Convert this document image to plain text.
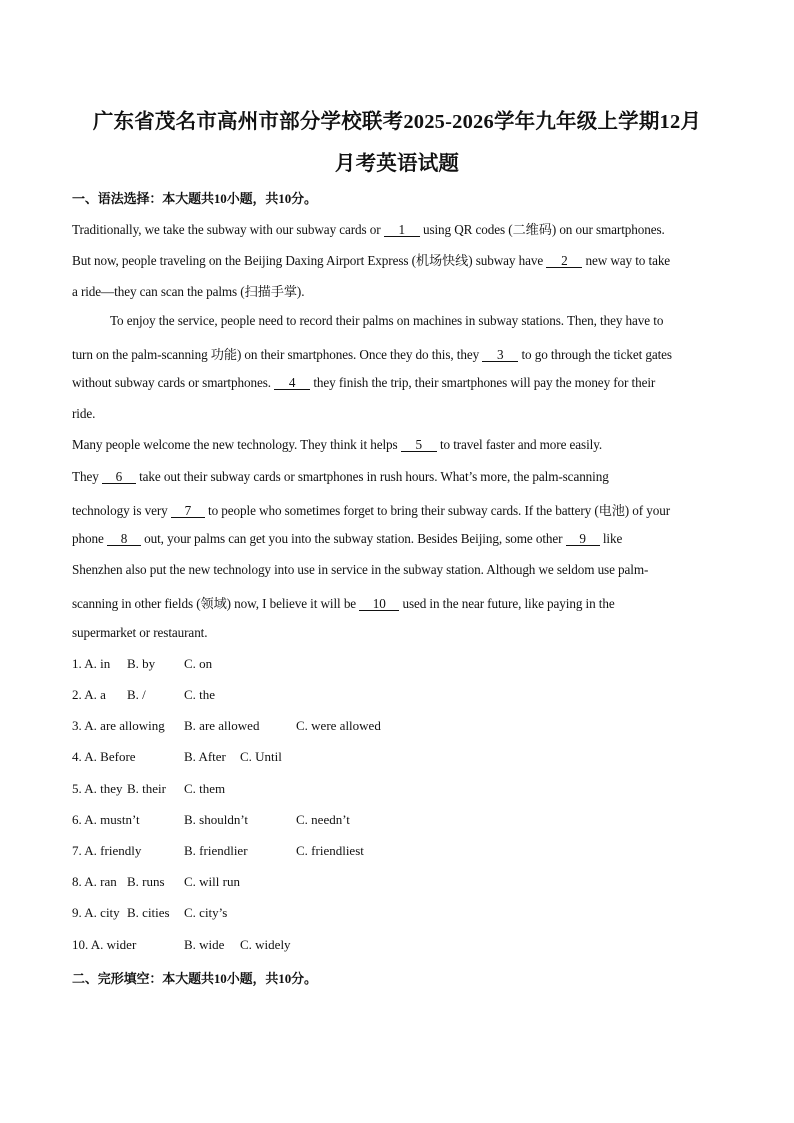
广东省茂名市高州市部分学校联考2025-2026学年九年级上学期12月
月考英语试题
一、语法选择：本大题共10小题，共10分。
Traditionally, we take the subway with our subway cards or 1 using QR codes (二维码) on our smartphones.
But now, people traveling on the Beijing Daxing Airport Express (机场快线) subway have 2 new way to take
a ride—they can scan the palms (扫描手掌).
To enjoy the service, people need to record their palms on machines in subway stations. Then, they have to
turn on the palm-scanning 功能) on their smartphones. Once they do this, they 3 to go through the ticket gates
without subway cards or smartphones. 4 they finish the trip, their smartphones will pay the money for their
ride.
Many people welcome the new technology. They think it helps 5 to travel faster and more easily.
They 6 take out their subway cards or smartphones in rush hours. What’s more, the palm-scanning
technology is very 7 to people who sometimes forget to bring their subway cards. If the battery (电池) of your
phone 8 out, your palms can get you into the subway station. Besides Beijing, some other 9 like
Shenzhen also put the new technology into use in service in the subway station. Although we seldom use palm-
scanning in other fields (领域) now, I believe it will be 10 used in the near future, like paying in the
supermarket or restaurant.
1. A. in B. by C. on
2. A. a B. /	C. the
3. A. are allowing B. are allowed	C. were allowed
4. A. Before	B. After C. Until
5. A. they B. their C. them
6. A. mustn’t	B. shouldn’t	C. needn’t
7. A. friendly	B. friendlier	C. friendliest
8. A. ran B. runs C. will run
9. A. city B. cities C. city’s
10. A. wider	B. wide C. widely
二、完形填空：本大题共10小题，共10分。
